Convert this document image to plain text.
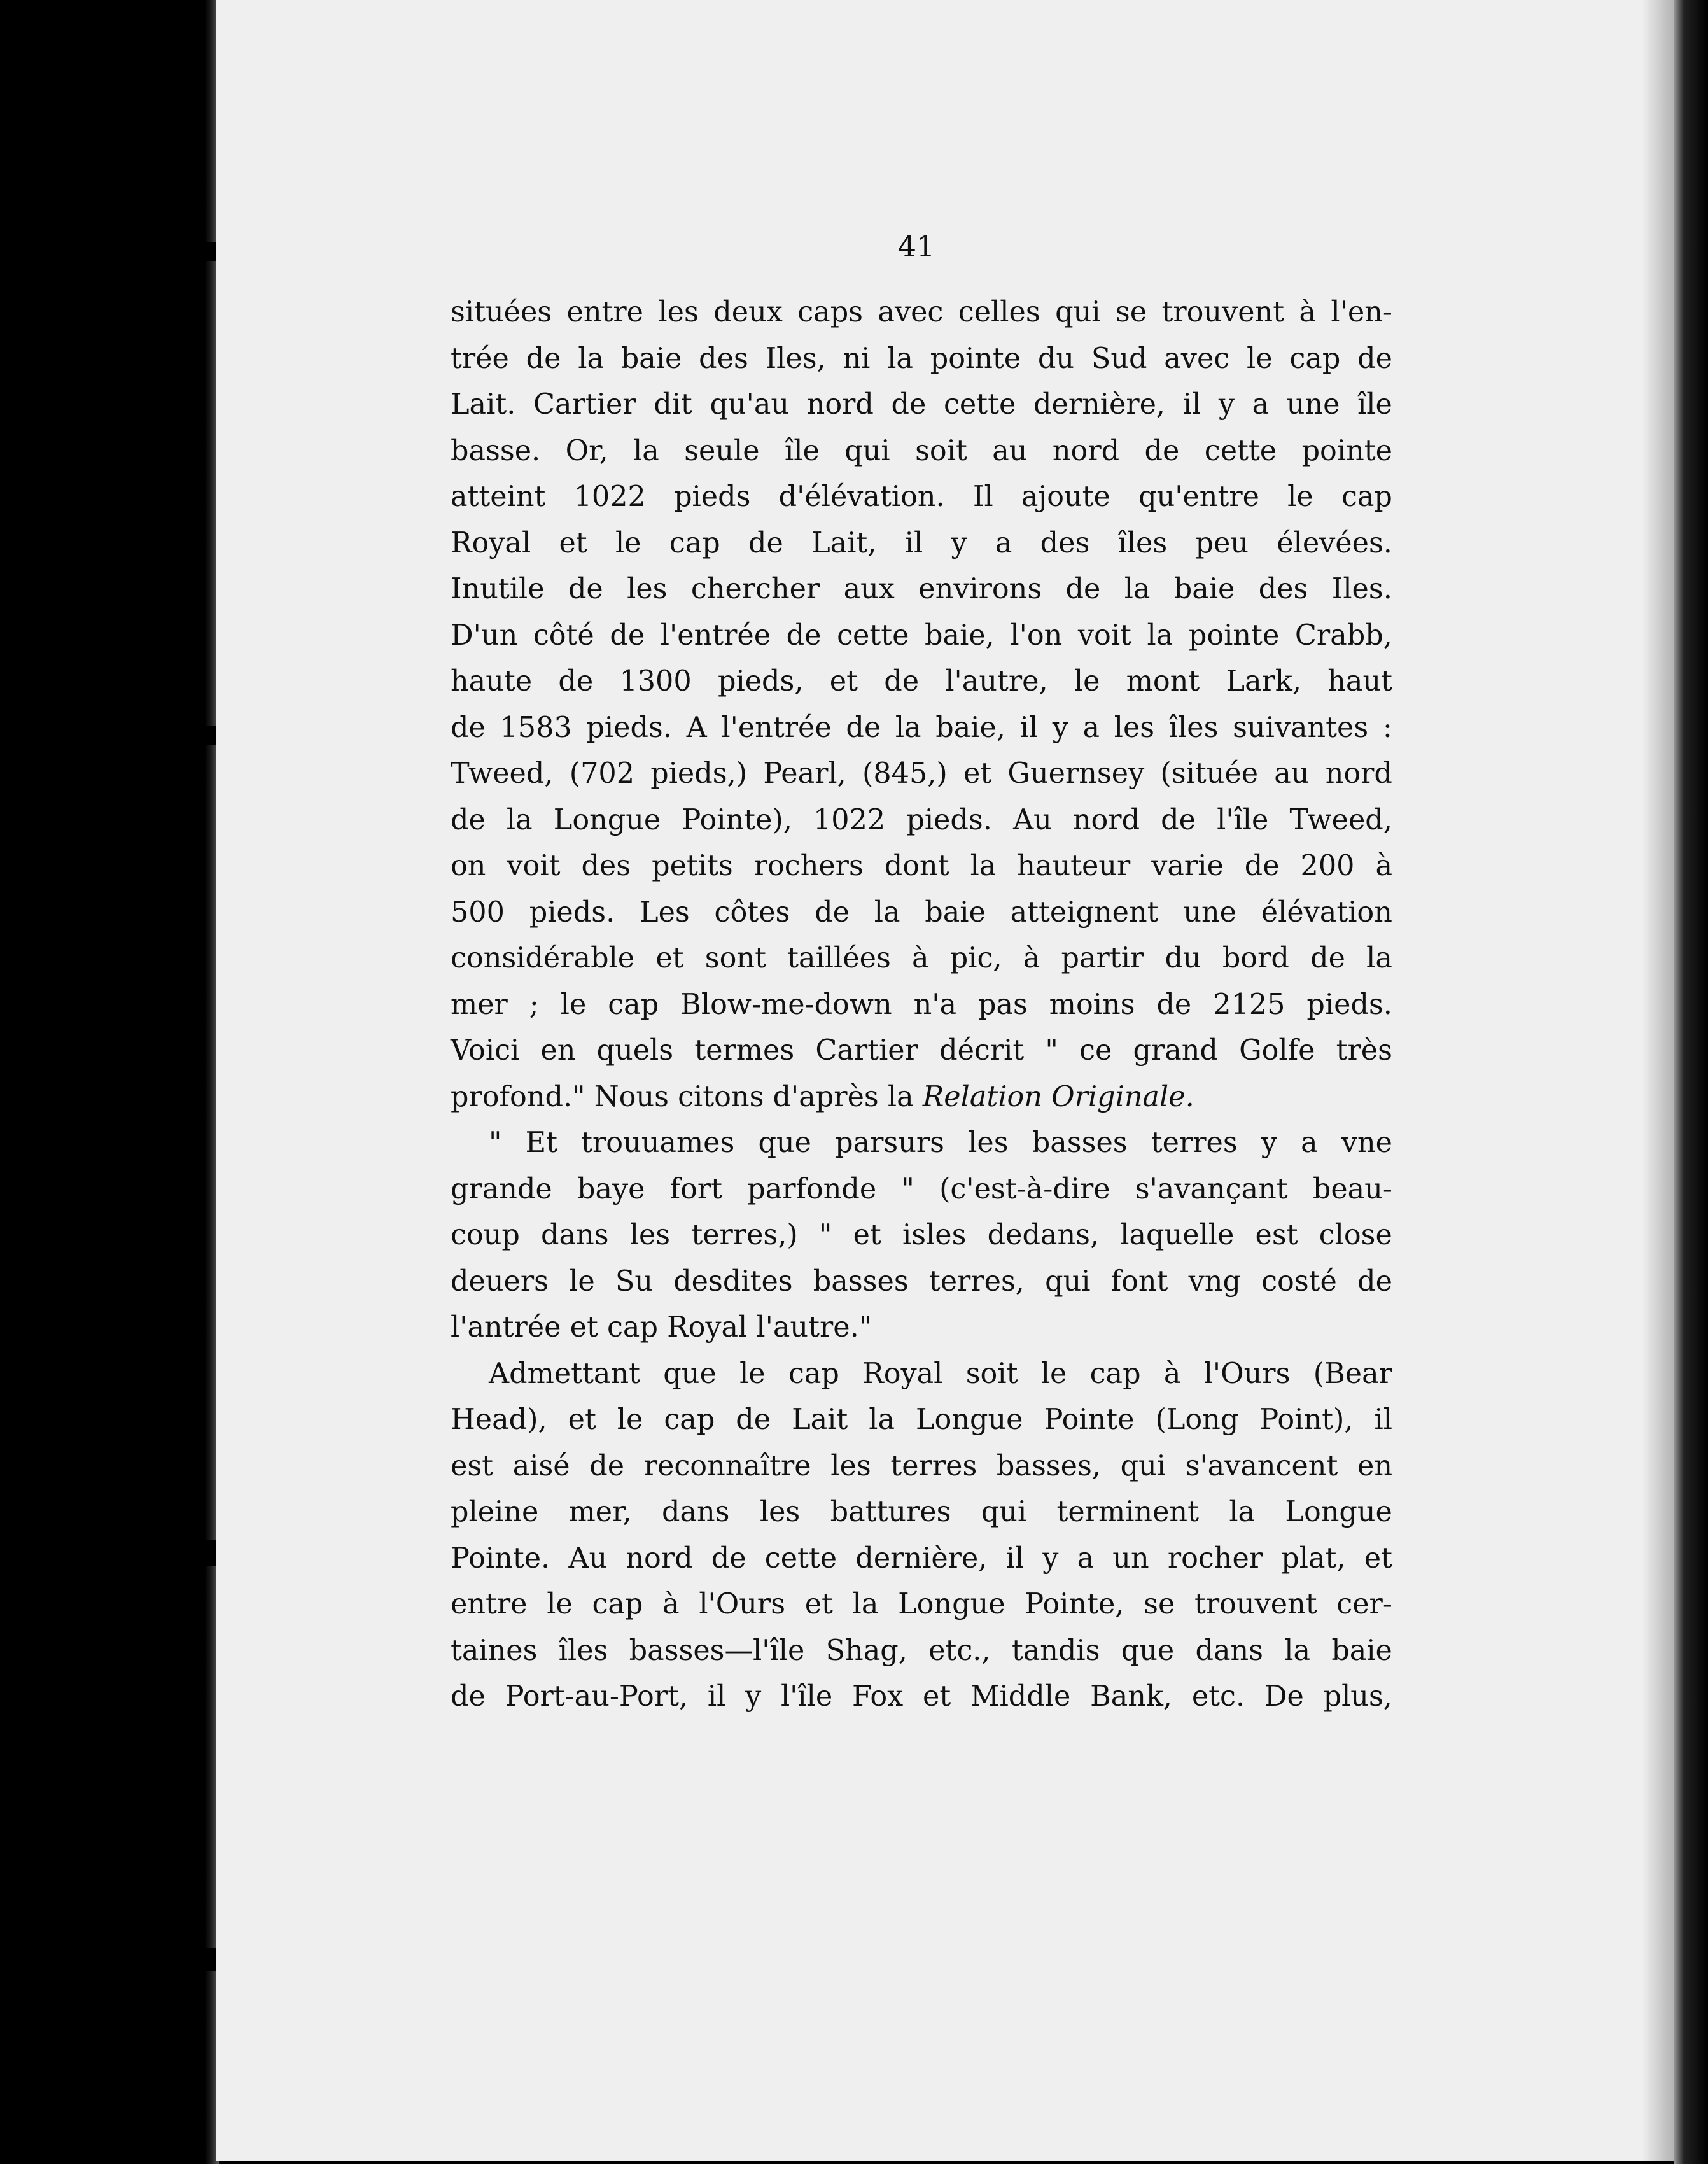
41
situées entre les deux caps avec celles qui se trouvent à l'en-
trée de la baie des Iles, ni la pointe du Sud avec le cap de
Lait. Cartier dit qu'au nord de cette dernière, il y a une île
basse. Or, la seule île qui soit au nord de cette pointe
atteint 1022 pieds d'élévation. Il ajoute qu'entre le cap
Royal et le cap de Lait, il y a des îles peu élevées.
Inutile de les chercher aux environs de la baie des Iles.
D'un côté de l'entrée de cette baie, l'on voit la pointe Crabb,
haute de 1300 pieds, et de l'autre, le mont Lark, haut
de 1583 pieds. A l'entrée de la baie, il y a les îles suivantes :
Tweed, (702 pieds,) Pearl, (845,) et Guernsey (située au nord
de la Longue Pointe), 1022 pieds. Au nord de l'île Tweed,
on voit des petits rochers dont la hauteur varie de 200 à
500 pieds. Les côtes de la baie atteignent une élévation
considérable et sont taillées à pic, à partir du bord de la
mer ; le cap Blow-me-down n'a pas moins de 2125 pieds.
Voici en quels termes Cartier décrit " ce grand Golfe très
profond." Nous citons d'après la Relation Originale.
" Et trouuames que parsurs les basses terres y a vne
grande baye fort parfonde " (c'est-à-dire s'avançant beau-
coup dans les terres,) " et isles dedans, laquelle est close
deuers le Su desdites basses terres, qui font vng costé de
l'antrée et cap Royal l'autre."
Admettant que le cap Royal soit le cap à l'Ours (Bear
Head), et le cap de Lait la Longue Pointe (Long Point), il
est aisé de reconnaître les terres basses, qui s'avancent en
pleine mer, dans les battures qui terminent la Longue
Pointe. Au nord de cette dernière, il y a un rocher plat, et
entre le cap à l'Ours et la Longue Pointe, se trouvent cer-
taines îles basses—l'île Shag, etc., tandis que dans la baie
de Port-au-Port, il y l'île Fox et Middle Bank, etc. De plus,
